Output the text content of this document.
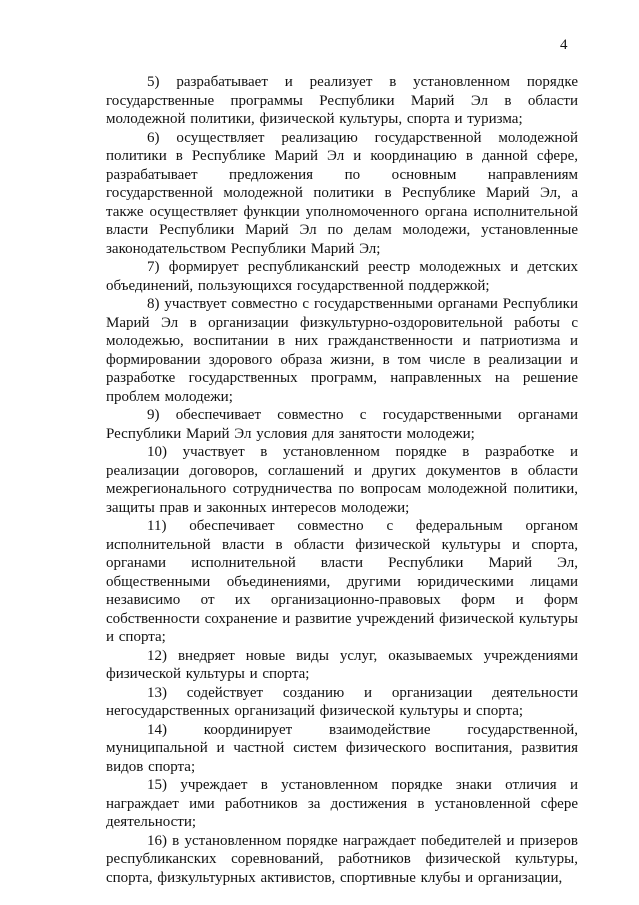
4

5) разрабатывает и реализует в установленном порядке государственные программы Республики Марий Эл в области молодежной политики, физической культуры, спорта и туризма;

6) осуществляет реализацию государственной молодежной политики в Республике Марий Эл и координацию в данной сфере, разрабатывает предложения по основным направлениям государственной молодежной политики в Республике Марий Эл, а также осуществляет функции уполномоченного органа исполнительной власти Республики Марий Эл по делам молодежи, установленные законодательством Республики Марий Эл;

7) формирует республиканский реестр молодежных и детских объединений, пользующихся государственной поддержкой;

8) участвует совместно с государственными органами Республики Марий Эл в организации физкультурно-оздоровительной работы с молодежью, воспитании в них гражданственности и патриотизма и формировании здорового образа жизни, в том числе в реализации и разработке государственных программ, направленных на решение проблем молодежи;

9) обеспечивает совместно с государственными органами Республики Марий Эл условия для занятости молодежи;

10) участвует в установленном порядке в разработке и реализации договоров, соглашений и других документов в области межрегионального сотрудничества по вопросам молодежной политики, защиты прав и законных интересов молодежи;

11) обеспечивает совместно с федеральным органом исполнительной власти в области физической культуры и спорта, органами исполнительной власти Республики Марий Эл, общественными объединениями, другими юридическими лицами независимо от их организационно-правовых форм и форм собственности сохранение и развитие учреждений физической культуры и спорта;

12) внедряет новые виды услуг, оказываемых учреждениями физической культуры и спорта;

13) содействует созданию и организации деятельности негосударственных организаций физической культуры и спорта;

14) координирует взаимодействие государственной, муниципальной и частной систем физического воспитания, развития видов спорта;

15) учреждает в установленном порядке знаки отличия и награждает ими работников за достижения в установленной сфере деятельности;

16) в установленном порядке награждает победителей и призеров республиканских соревнований, работников физической культуры, спорта, физкультурных активистов, спортивные клубы и организации,
